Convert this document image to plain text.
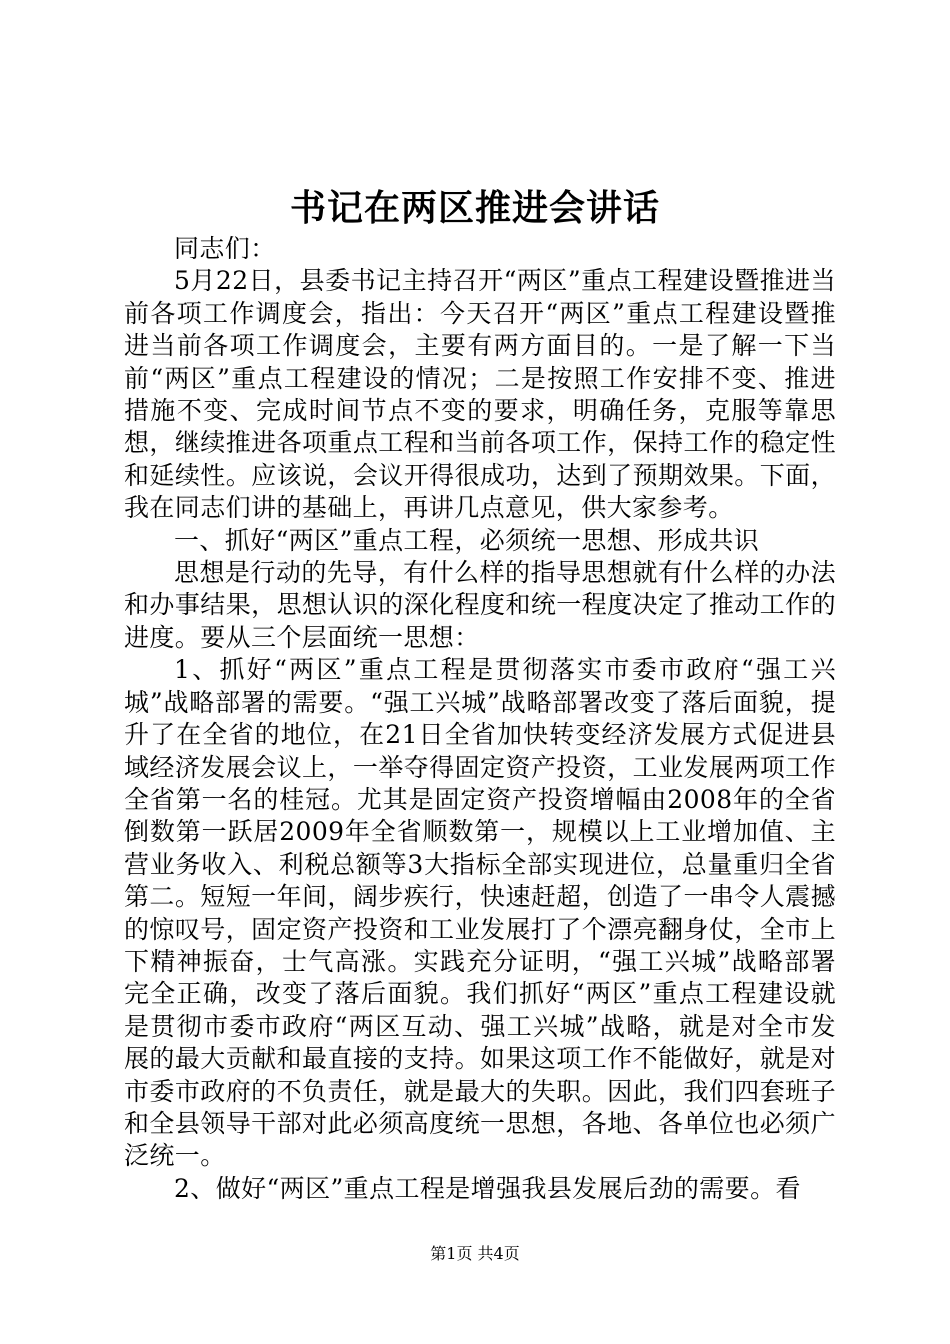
书记在两区推进会讲话

同志们：

5月22日，县委书记主持召开“两区”重点工程建设暨推进当前各项工作调度会，指出：今天召开“两区”重点工程建设暨推进当前各项工作调度会，主要有两方面目的。一是了解一下当前“两区”重点工程建设的情况；二是按照工作安排不变、推进措施不变、完成时间节点不变的要求，明确任务，克服等靠思想，继续推进各项重点工程和当前各项工作，保持工作的稳定性和延续性。应该说，会议开得很成功，达到了预期效果。下面，我在同志们讲的基础上，再讲几点意见，供大家参考。

一、抓好“两区”重点工程，必须统一思想、形成共识

思想是行动的先导，有什么样的指导思想就有什么样的办法和办事结果，思想认识的深化程度和统一程度决定了推动工作的进度。要从三个层面统一思想：

1、抓好“两区”重点工程是贯彻落实市委市政府“强工兴城”战略部署的需要。“强工兴城”战略部署改变了落后面貌，提升了在全省的地位，在21日全省加快转变经济发展方式促进县域经济发展会议上，一举夺得固定资产投资，工业发展两项工作全省第一名的桂冠。尤其是固定资产投资增幅由2008年的全省倒数第一跃居2009年全省顺数第一，规模以上工业增加值、主营业务收入、利税总额等3大指标全部实现进位，总量重归全省第二。短短一年间，阔步疾行，快速赶超，创造了一串令人震撼的惊叹号，固定资产投资和工业发展打了个漂亮翻身仗，全市上下精神振奋，士气高涨。实践充分证明，“强工兴城”战略部署完全正确，改变了落后面貌。我们抓好“两区”重点工程建设就是贯彻市委市政府“两区互动、强工兴城”战略，就是对全市发展的最大贡献和最直接的支持。如果这项工作不能做好，就是对市委市政府的不负责任，就是最大的失职。因此，我们四套班子和全县领导干部对此必须高度统一思想，各地、各单位也必须广泛统一。

2、做好“两区”重点工程是增强我县发展后劲的需要。看

第1页 共4页
